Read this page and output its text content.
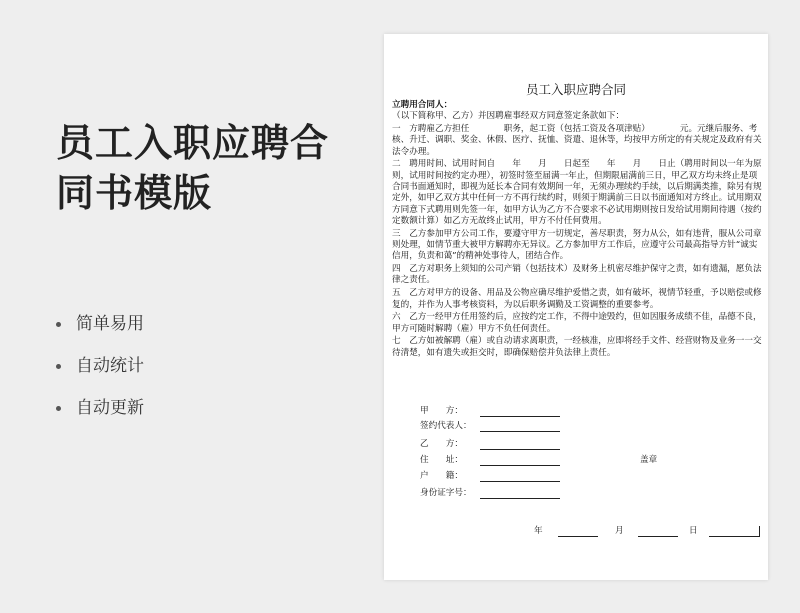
员工入职应聘合同书模版
简单易用
自动统计
自动更新
员工入职应聘合同

立聘用合同人：

（以下简称甲、乙方）并因聘雇事经双方同意签定条款如下：

一　方聘雇乙方担任　　　　职务，起工资（包括工资及各项津贴）　　　　元。元继后服务、考核、升迁、调职、奖金、休假、医疗、抚恤、资遣、退休等，均按甲方所定的有关规定及政府有关法令办理。

二　聘用时间、试用时间自　　年　　月　　日起至　　年　　月　　日止（聘用时间以一年为原则，试用时间按约定办理），初签时签至届满一年止，但期限届满前三日，甲乙双方均未终止是项合同书面通知时，即视为延长本合同有效期间一年，无须办理续约手续，以后期满类推，除另有规定外，如甲乙双方其中任何一方不再行续约时，则须于期满前三日以书面通知对方终止。试用期双方同意下式聘用则先签一年，如甲方认为乙方不合要求不必试用期则按日发给试用期间待遇（按约定数额计算）如乙方无故终止试用，甲方不付任何费用。

三　乙方参加甲方公司工作，要遵守甲方一切规定，善尽职责，努力从公，如有违背，服从公司章则处理，如情节重大被甲方解聘亦无异议。乙方参加甲方工作后，应遵守公司最高指导方针“诚实信用，负责和蔼”的精神处事待人，团结合作。

四　乙方对职务上须知的公司产销（包括技术）及财务上机密尽维护保守之责，如有遗漏，愿负法律之责任。

五　乙方对甲方的设备、用品及公物应确尽维护爱惜之责，如有破坏，视情节轻重，予以赔偿或修复的，并作为人事考核资料，为以后职务调勤及工资调整的重要参考。

六　乙方一经甲方任用签约后，应按约定工作，不得中途毁约，但如因服务成绩不佳，品德不良，甲方可随时解聘（雇）甲方不负任何责任。

七　乙方如被解聘（雇）或自动请求离职责，一经核准，应即将经手文件、经营财物及业务一一交待清楚，如有遗失或拒交时，即确保赔偿并负法律上责任。

甲　　方：
签约代表人：
乙　　方：
住　　址：
户　　籍：
身份证字号：
盖章
年	月	日
